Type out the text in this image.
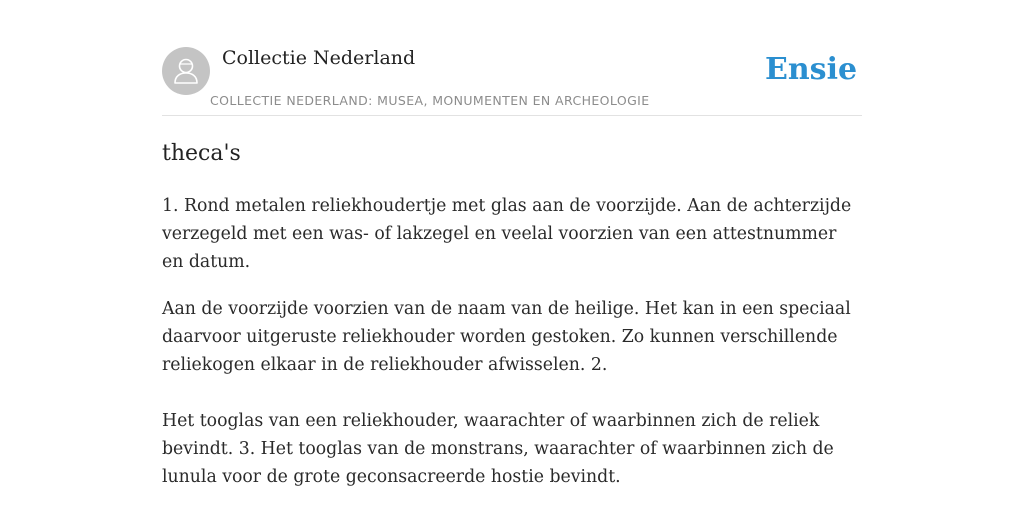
Collectie Nederland
COLLECTIE NEDERLAND: MUSEA, MONUMENTEN EN ARCHEOLOGIE
Ensie
theca's

1. Rond metalen reliekhoudertje met glas aan de voorzijde. Aan de achterzijde verzegeld met een was- of lakzegel en veelal voorzien van een attestnummer en datum.

Aan de voorzijde voorzien van de naam van de heilige. Het kan in een speciaal daarvoor uitgeruste reliekhouder worden gestoken. Zo kunnen verschillende reliekogen elkaar in de reliekhouder afwisselen. 2.

Het tooglas van een reliekhouder, waarachter of waarbinnen zich de reliek bevindt. 3. Het tooglas van de monstrans, waarachter of waarbinnen zich de lunula voor de grote geconsacreerde hostie bevindt.
